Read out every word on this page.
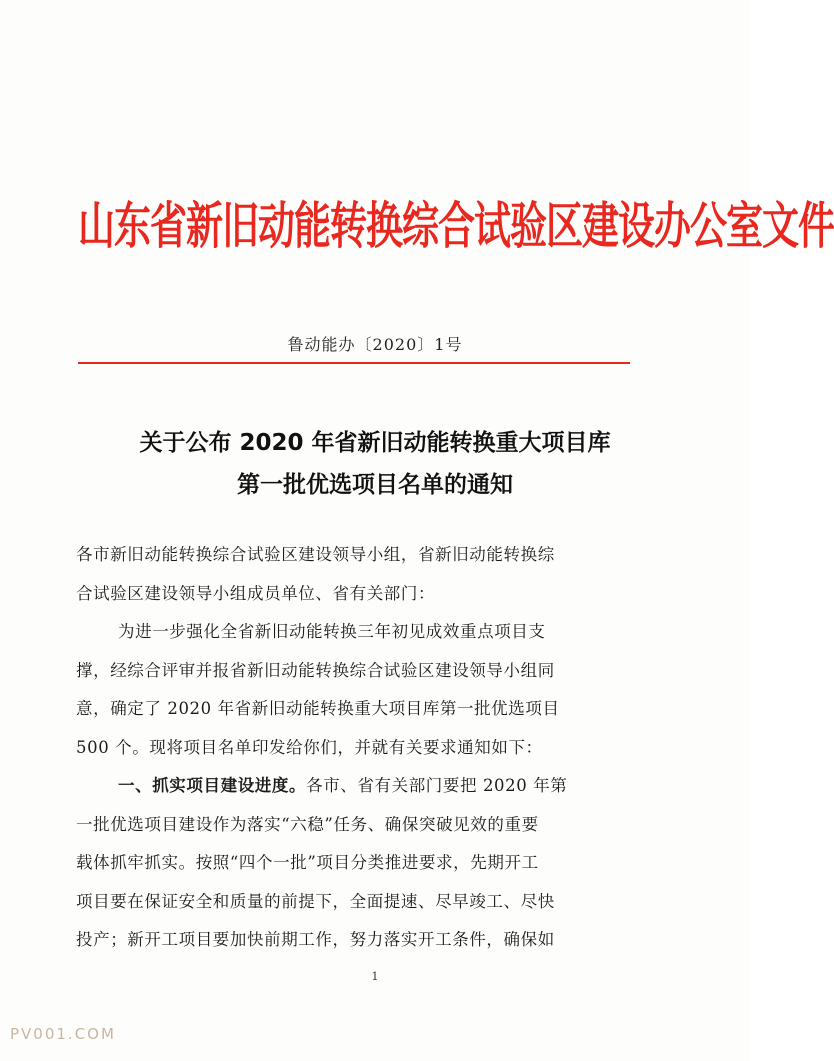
山东省新旧动能转换综合试验区建设办公室文件
鲁动能办〔2020〕1号
关于公布 2020 年省新旧动能转换重大项目库
第一批优选项目名单的通知
各市新旧动能转换综合试验区建设领导小组，省新旧动能转换综
合试验区建设领导小组成员单位、省有关部门：
为进一步强化全省新旧动能转换三年初见成效重点项目支
撑，经综合评审并报省新旧动能转换综合试验区建设领导小组同
意，确定了 2020 年省新旧动能转换重大项目库第一批优选项目
500 个。现将项目名单印发给你们，并就有关要求通知如下：
一、抓实项目建设进度。各市、省有关部门要把 2020 年第
一批优选项目建设作为落实“六稳”任务、确保突破见效的重要
载体抓牢抓实。按照“四个一批”项目分类推进要求，先期开工
项目要在保证安全和质量的前提下，全面提速、尽早竣工、尽快
投产；新开工项目要加快前期工作，努力落实开工条件，确保如
1
PV001.COM
